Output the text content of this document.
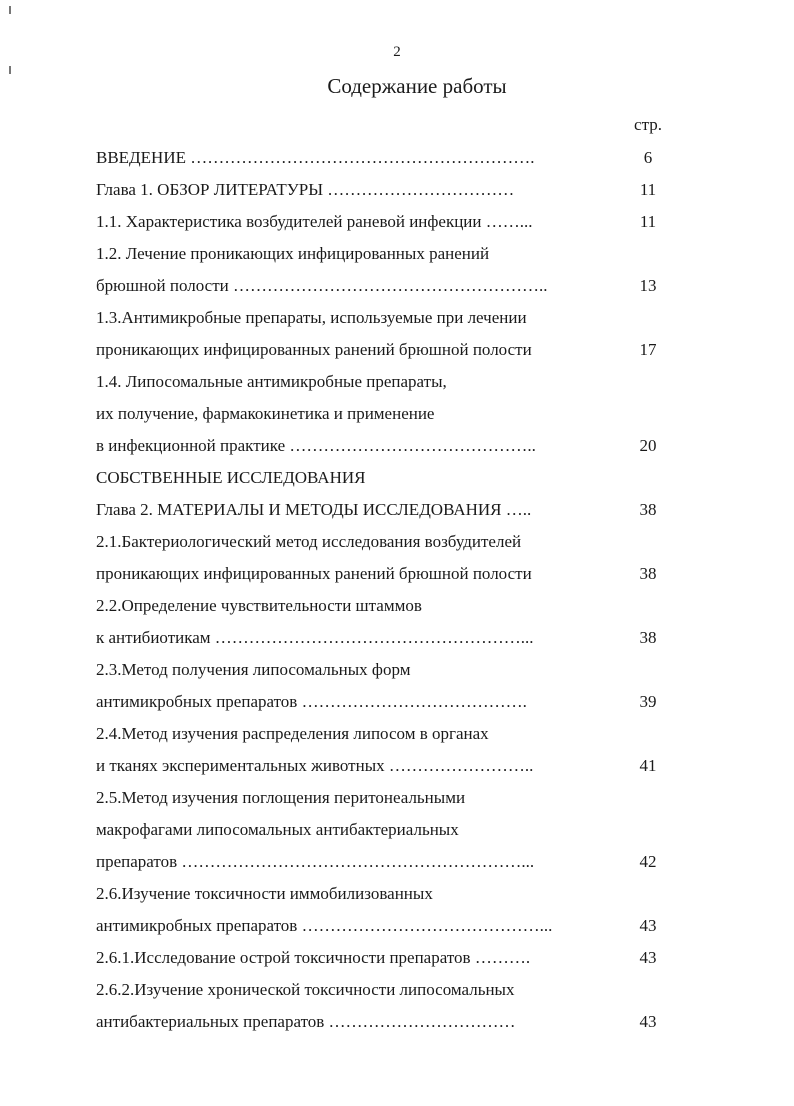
2
Содержание работы
стр.
ВВЕДЕНИЕ …………………………………………………….	6
Глава 1. ОБЗОР ЛИТЕРАТУРЫ ……………………………	11
1.1. Характеристика возбудителей раневой инфекции ……...	11
1.2. Лечение проникающих инфицированных ранений
брюшной полости ………………………………………………..	13
1.3.Антимикробные препараты, используемые при лечении
проникающих инфицированных ранений брюшной полости	17
1.4. Липосомальные антимикробные препараты,
их получение, фармакокинетика и применение
в инфекционной практике ……………………………………..	20
СОБСТВЕННЫЕ ИССЛЕДОВАНИЯ
Глава 2. МАТЕРИАЛЫ И МЕТОДЫ ИССЛЕДОВАНИЯ …..	38
2.1.Бактериологический метод исследования возбудителей
проникающих инфицированных ранений брюшной полости	38
2.2.Определение чувствительности штаммов
к антибиотикам ………………………………………………...	38
2.3.Метод получения липосомальных форм
антимикробных препаратов ………………………………….	39
2.4.Метод изучения распределения липосом в органах
и тканях экспериментальных животных ……………………..	41
2.5.Метод изучения поглощения перитонеальными
макрофагами липосомальных антибактериальных
препаратов ……………………………………………………...	42
2.6.Изучение токсичности иммобилизованных
антимикробных препаратов ……………………………………...	43
2.6.1.Исследование острой токсичности препаратов ……….	43
2.6.2.Изучение хронической токсичности липосомальных
антибактериальных препаратов ……………………………	43
